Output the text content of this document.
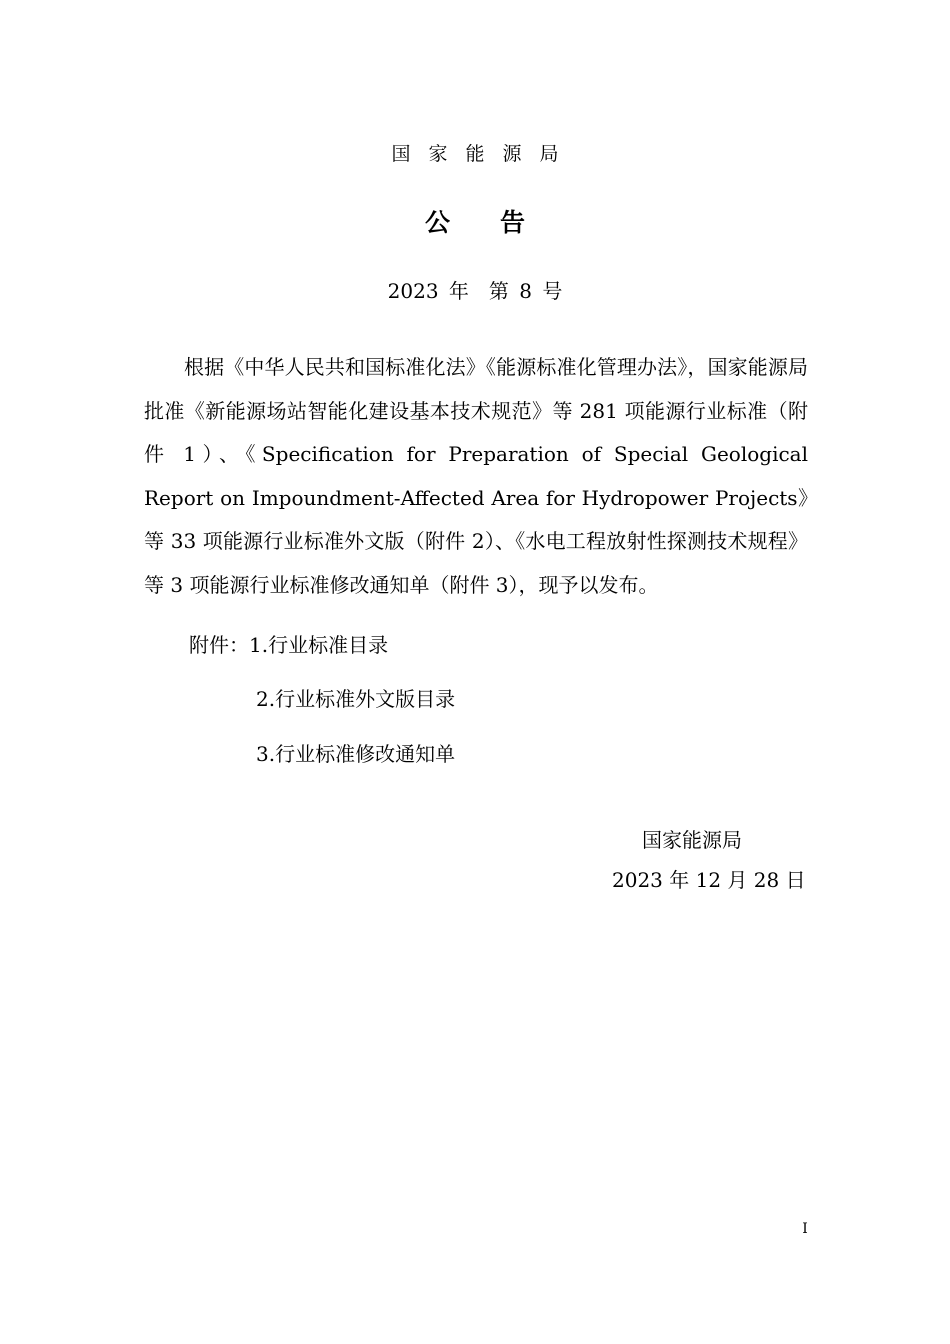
国家能源局
公告
2023 年　第 8 号

根据《中华人民共和国标准化法》《能源标准化管理办法》，国家能源局批准《新能源场站智能化建设基本技术规范》等 281 项能源行业标准（附件 1）、《Specification for Preparation of Special Geological Report on Impoundment-Affected Area for Hydropower Projects》等 33 项能源行业标准外文版（附件 2）、《水电工程放射性探测技术规程》等 3 项能源行业标准修改通知单（附件 3），现予以发布。

附件：1.行业标准目录
2.行业标准外文版目录
3.行业标准修改通知单
国家能源局
2023 年 12 月 28 日
I
